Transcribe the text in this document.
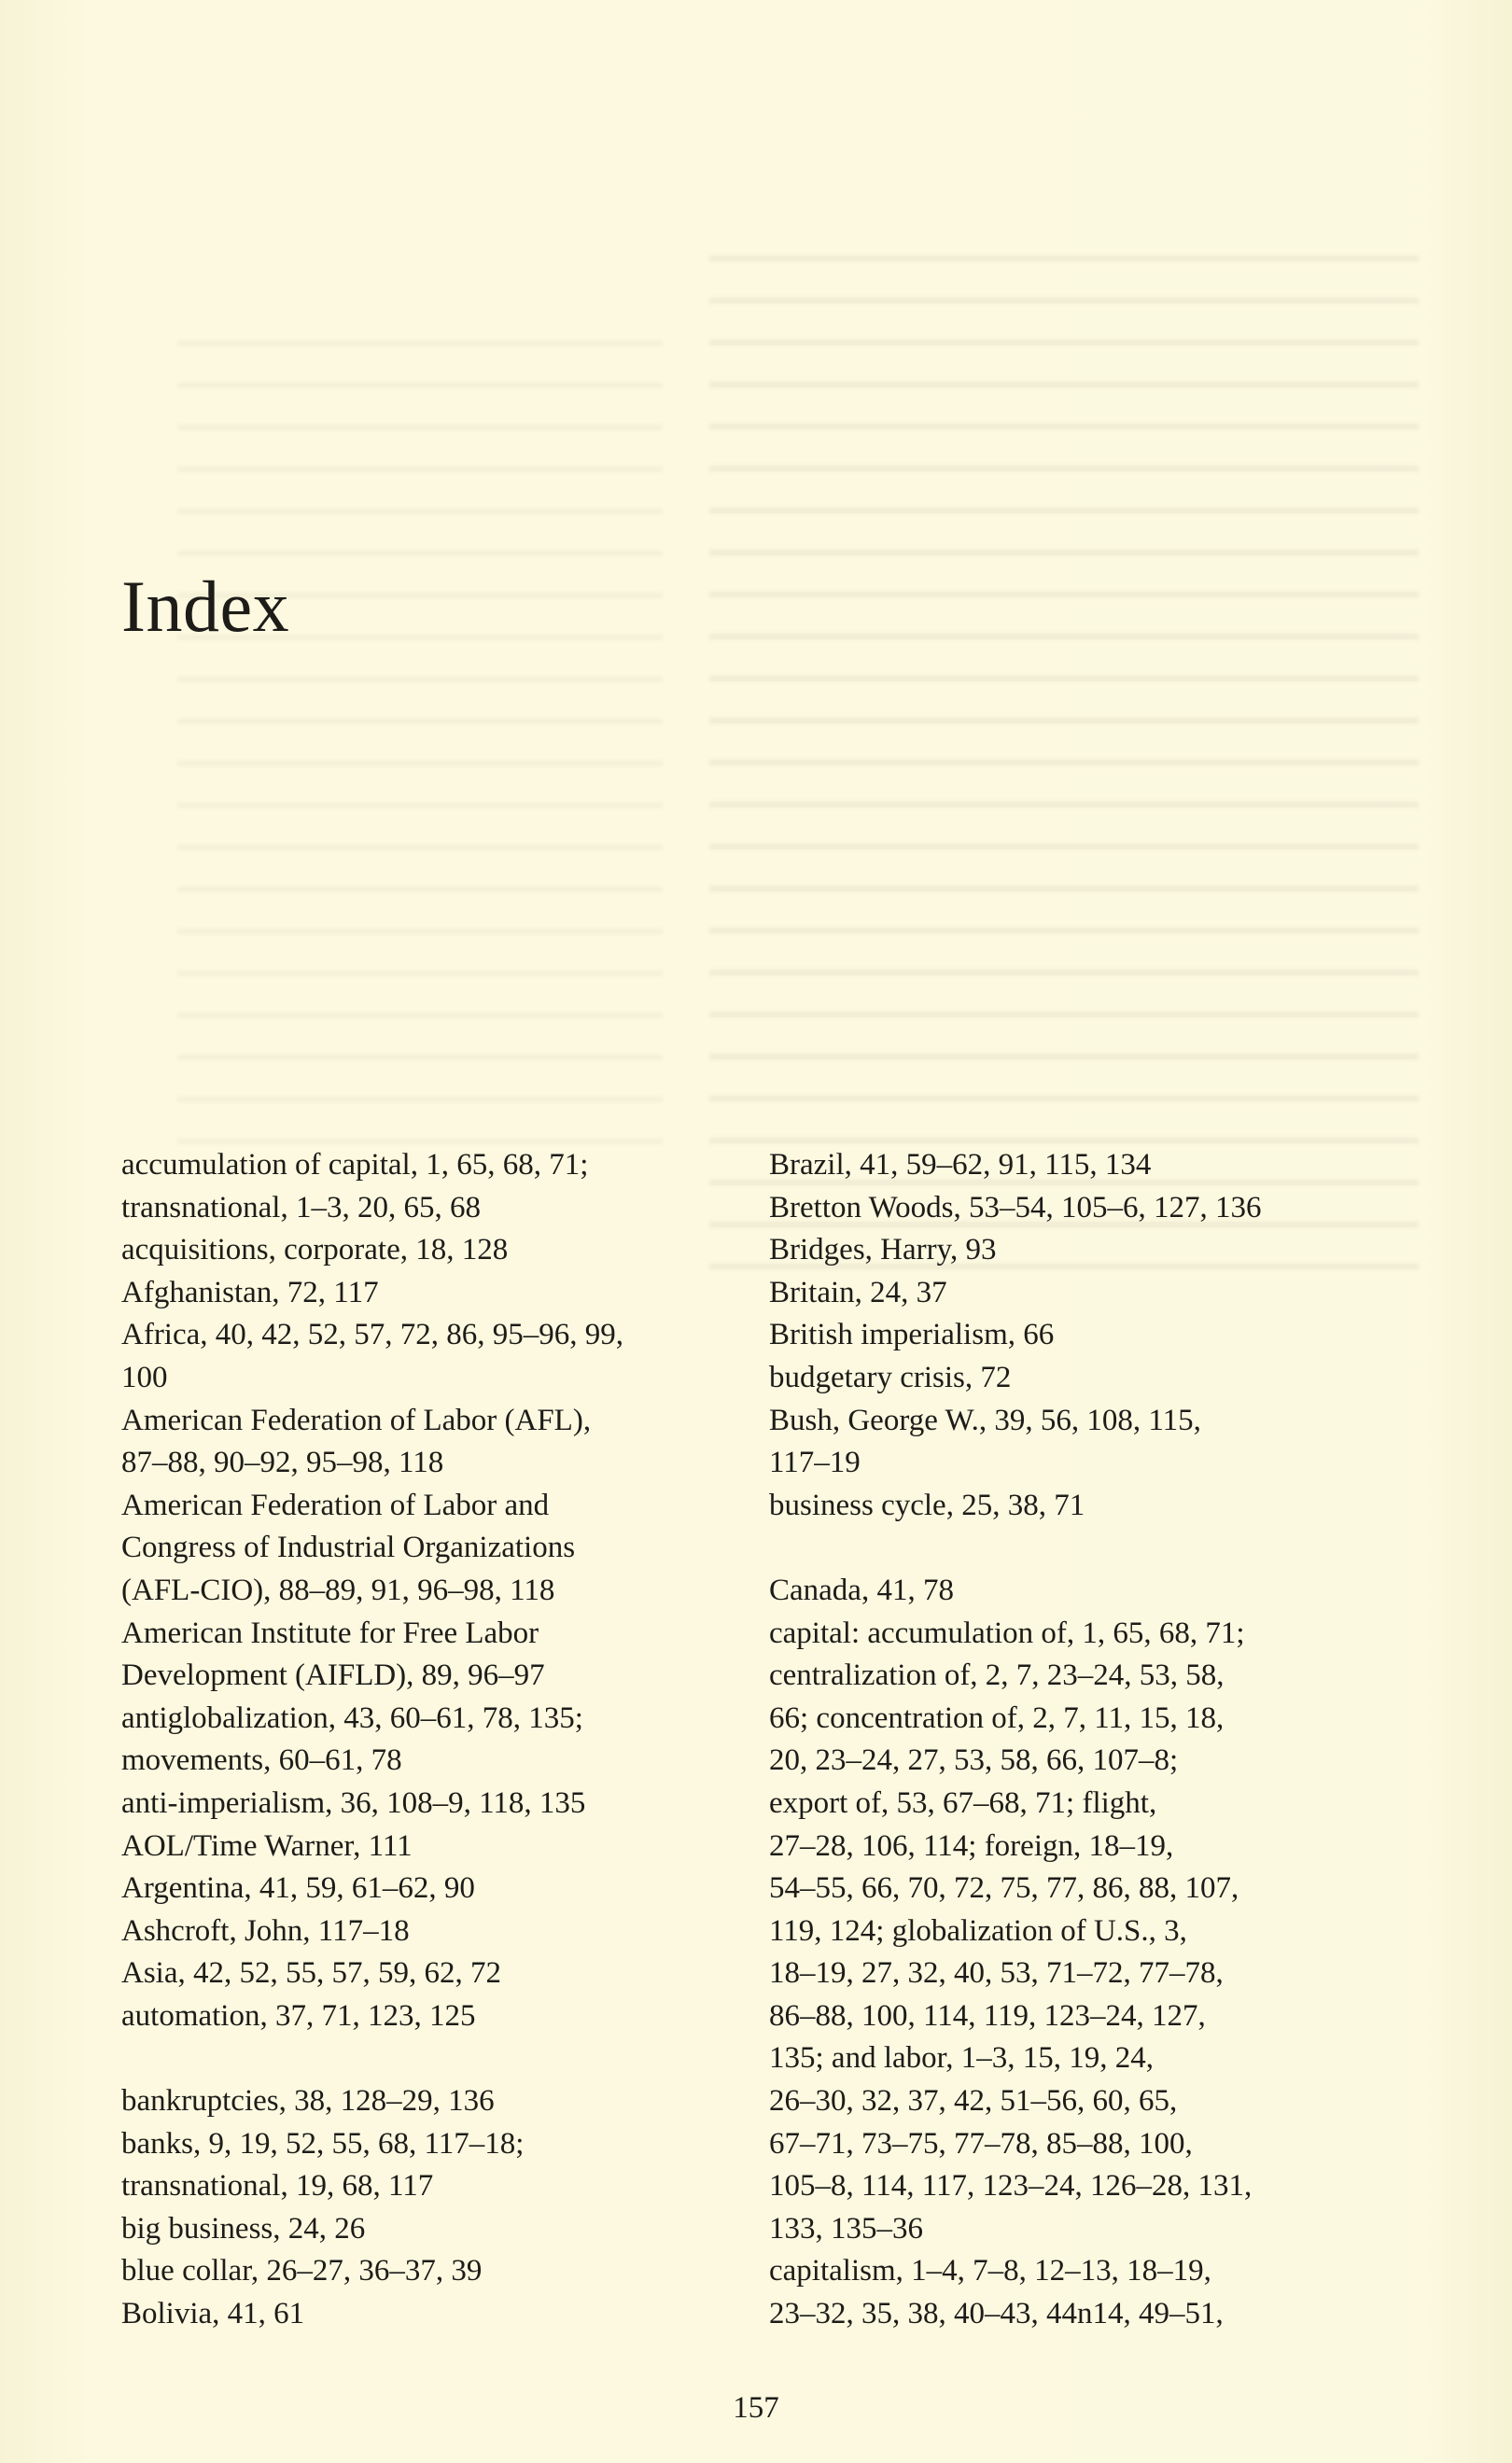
Index
accumulation of capital, 1, 65, 68, 71;
transnational, 1–3, 20, 65, 68
acquisitions, corporate, 18, 128
Afghanistan, 72, 117
Africa, 40, 42, 52, 57, 72, 86, 95–96, 99,
100
American Federation of Labor (AFL),
87–88, 90–92, 95–98, 118
American Federation of Labor and
Congress of Industrial Organizations
(AFL-CIO), 88–89, 91, 96–98, 118
American Institute for Free Labor
Development (AIFLD), 89, 96–97
antiglobalization, 43, 60–61, 78, 135;
movements, 60–61, 78
anti-imperialism, 36, 108–9, 118, 135
AOL/Time Warner, 111
Argentina, 41, 59, 61–62, 90
Ashcroft, John, 117–18
Asia, 42, 52, 55, 57, 59, 62, 72
automation, 37, 71, 123, 125
bankruptcies, 38, 128–29, 136
banks, 9, 19, 52, 55, 68, 117–18;
transnational, 19, 68, 117
big business, 24, 26
blue collar, 26–27, 36–37, 39
Bolivia, 41, 61
Brazil, 41, 59–62, 91, 115, 134
Bretton Woods, 53–54, 105–6, 127, 136
Bridges, Harry, 93
Britain, 24, 37
British imperialism, 66
budgetary crisis, 72
Bush, George W., 39, 56, 108, 115,
117–19
business cycle, 25, 38, 71
Canada, 41, 78
capital: accumulation of, 1, 65, 68, 71;
centralization of, 2, 7, 23–24, 53, 58,
66; concentration of, 2, 7, 11, 15, 18,
20, 23–24, 27, 53, 58, 66, 107–8;
export of, 53, 67–68, 71; flight,
27–28, 106, 114; foreign, 18–19,
54–55, 66, 70, 72, 75, 77, 86, 88, 107,
119, 124; globalization of U.S., 3,
18–19, 27, 32, 40, 53, 71–72, 77–78,
86–88, 100, 114, 119, 123–24, 127,
135; and labor, 1–3, 15, 19, 24,
26–30, 32, 37, 42, 51–56, 60, 65,
67–71, 73–75, 77–78, 85–88, 100,
105–8, 114, 117, 123–24, 126–28, 131,
133, 135–36
capitalism, 1–4, 7–8, 12–13, 18–19,
23–32, 35, 38, 40–43, 44n14, 49–51,
157
